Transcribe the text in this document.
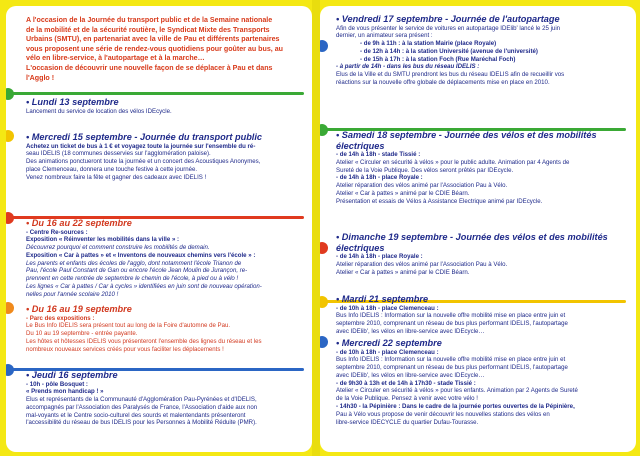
A l'occasion de la Journée du transport public et de la Semaine nationale
de la mobilité et de la sécurité routière, le Syndicat Mixte des Transports
Urbains (SMTU), en partenariat avec la ville de Pau et différents partenaires
vous proposent une série de rendez-vous quotidiens pour goûter au bus, au
vélo en libre-service, à l'autopartage et à la marche…
L'occasion de découvrir une nouvelle façon de se déplacer à Pau et dans
l'Agglo !
• Lundi 13 septembre
Lancement du service de location des vélos IDEcycle.
• Mercredi 15 septembre - Journée du transport public
Achetez un ticket de bus à 1 € et voyagez toute la journée sur l'ensemble du ré-
seau IDELIS (18 communes desservies sur l'agglomération paloise).
Des animations ponctueront toute la journée et un concert des Acoustiques Anonymes,
place Clemenceau, donnera une touche festive à cette journée.
Venez nombreux faire la fête et gagner des cadeaux avec IDELIS !
• Du 16 au 22 septembre
- Centre Re-sources :
Exposition « Réinventer les mobilités dans la ville » :
Découvrez pourquoi et comment construire les mobilités de demain.
Exposition « Car à pattes » et « Inventons de nouveaux chemins vers l'école » :
Les parents et enfants des écoles de l'agglo, dont notamment l'école Trianon de
Pau, l'école Paul Constant de Gan ou encore l'école Jean Moulin de Jurançon, re-
prennent en cette rentrée de septembre le chemin de l'école, à pied ou à vélo !
Les lignes « Car à pattes / Car à cycles » identifiées en juin sont de nouveau opération-
nelles pour l'année scolaire 2010 !
• Du 16 au 19 septembre
- Parc des expositions :
Le Bus Info IDELIS sera présent tout au long de la Foire d'automne de Pau.
Du 10 au 19 septembre - entrée payante.
Les hôtes et hôtesses IDELIS vous présenteront l'ensemble des lignes du réseau et les
nombreux nouveaux services créés pour vous faciliter les déplacements !
• Jeudi 16 septembre
- 10h - pôle Bosquet :
« Prends mon handicap ! »
Elus et représentants de la Communauté d'Agglomération Pau-Pyrénées et d'IDELIS,
accompagnés par l'Association des Paralysés de France, l'Association d'aide aux non
mal-voyants et le Centre socio-culturel des sourds et malentendants présenteront
l'accessibilité du réseau de bus IDELIS pour les Personnes à Mobilité Réduite (PMR).
• Vendredi 17 septembre - Journée de l'autopartage
Afin de vous présenter le service de voitures en autopartage IDElib' lancé le 25 juin
dernier, un animateur sera présent :
- de 9h à 11h : à la station Mairie (place Royale)
- de 12h à 14h : à la station Université (avenue de l'université)
- de 15h à 17h : à la station Foch (Rue Maréchal Foch)
- à partir de 14h - dans les bus du réseau IDELIS :
Elus de la Ville et du SMTU prendront les bus du réseau IDELIS afin de recueillir vos
réactions sur la nouvelle offre globale de déplacements mise en place en 2010.
• Samedi 18 septembre - Journée des vélos et des mobilités électriques
- de 14h à 18h - stade Tissié :
Atelier « Circuler en sécurité à vélos » pour le public adulte. Animation par 4 Agents de
Sureté de la Voie Publique. Des vélos seront prêtés par IDEcycle.
- de 14h à 18h - place Royale :
Atelier réparation des vélos animé par l'Association Pau à Vélo.
Atelier « Car à pattes » animé par le CDIE Béarn.
Présentation et essais de Vélos à Assistance Electrique animé par IDEcycle.
• Dimanche 19 septembre - Journée des vélos et des mobilités électriques
- de 14h à 18h - place Royale :
Atelier réparation des vélos animé par l'Association Pau à Vélo.
Atelier « Car à pattes » animé par le CDIE Béarn.
• Mardi 21 septembre
- de 10h à 18h - place Clemenceau :
Bus Info IDELIS : Information sur la nouvelle offre mobilité mise en place entre juin et
septembre 2010, comprenant un réseau de bus plus performant IDELIS, l'autopartage
avec IDElib', les vélos en libre-service avec IDEcycle…
• Mercredi 22 septembre
- de 10h à 18h - place Clemenceau :
Bus Info IDELIS : Information sur la nouvelle offre mobilité mise en place entre juin et
septembre 2010, comprenant un réseau de bus plus performant IDELIS, l'autopartage
avec IDElib', les vélos en libre-service avec IDEcycle…
- de 9h30 à 13h et de 14h à 17h30 - stade Tissié :
Atelier « Circuler en sécurité à vélos » pour les enfants. Animation par 2 Agents de Sureté
de la Voie Publique. Pensez à venir avec votre vélo !
- 14h30 - la Pépinière : Dans le cadre de la journée portes ouvertes de la Pépinière,
Pau à Vélo vous propose de venir découvrir les nouvelles stations des vélos en
libre-service IDECYCLE du quartier Dufau-Tourasse.
